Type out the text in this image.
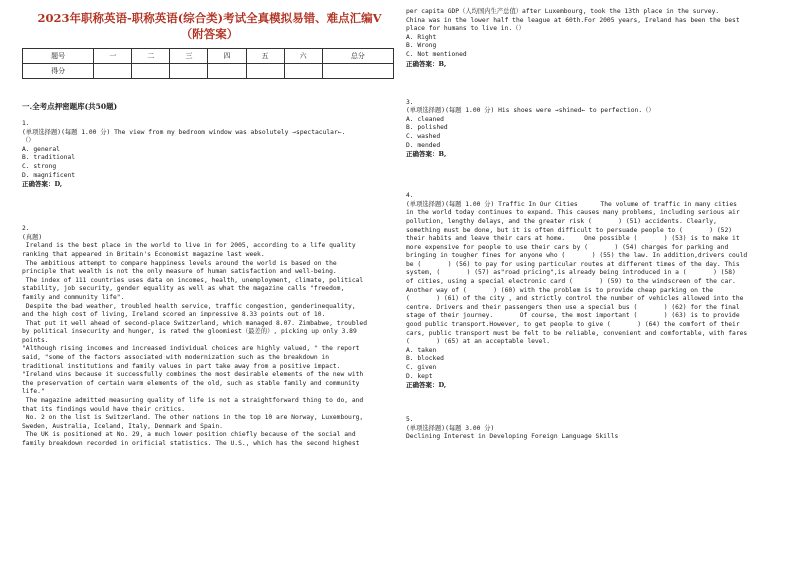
2023年职称英语-职称英语(综合类)考试全真模拟易错、难点汇编V
（附答案）
题号	一	二	三	四	五	六	总分
得分							
一.全考点押密题库(共50题)
1.
(单项选择题)(每题 1.00 分) The view from my bedroom window was absolutely →spectacular←.
（）
A. general
B. traditional
C. strong
D. magnificent
正确答案：D,
2.
(真题)
Ireland is the best place in the world to live in for 2005, according to a life quality
ranking that appeared in Britain's Economist magazine last week.
The ambitious attempt to compare happiness levels around the world is based on the
principle that wealth is not the only measure of human satisfaction and well-being.
The index of 111 countries uses data on incomes, health, unemployment, climate, political
stability, job security, gender equality as well as what the magazine calls "freedom,
family and community life".
Despite the bad weather, troubled health service, traffic congestion, genderinequality,
and the high cost of living, Ireland scored an impressive 8.33 points out of 10.
That put it well ahead of second-place Switzerland, which managed 8.07. Zimbabwe, troubled
by political insecurity and hunger, is rated the gloomiest（最差的）, picking up only 3.89
points.
"Although rising incomes and increased individual choices are highly valued, " the report
said, "some of the factors associated with modernization such as the breakdown in
traditional institutions and family values in part take away from a positive impact.
"Ireland wins because it successfully combines the most desirable elements of the new with
the preservation of certain warm elements of the old, such as stable family and community
life."
The magazine admitted measuring quality of life is not a straightforward thing to do, and
that its findings would have their critics.
No. 2 on the list is Switzerland. The other nations in the top 10 are Norway, Luxembourg,
Sweden, Australia, Iceland, Italy, Denmark and Spain.
The UK is positioned at No. 29, a much lower position chiefly because of the social and
family breakdown recorded in orificial statistics. The U.S., which has the second highest
per capita GDP（人均国内生产总值）after Luxembourg, took the 13th place in the survey.
China was in the lower half the league at 60th.For 2005 years, Ireland has been the best
place for humans to live in.（）
A. Right
B. Wrong
C. Not mentioned
正确答案：B,
3.
(单项选择题)(每题 1.00 分) His shoes were →shined← to perfection.（）
A. cleaned
B. polished
C. washed
D. mended
正确答案：B,
4.
(单项选择题)(每题 1.00 分) Traffic In Our Cities      The volume of traffic in many cities
in the world today continues to expand. This causes many problems, including serious air
pollution, lengthy delays, and the greater risk (       ) (51) accidents. Clearly,
something must be done, but it is often difficult to persuade people to (       ) (52)
their habits and leave their cars at home.     One possible (       ) (53) is to make it
more expensive for people to use their cars by (       ) (54) charges for parking and
bringing in tougher fines for anyone who (       ) (55) the law. In addition,drivers could
be (       ) (56) to pay for using particular routes at different times of the day. This
system, (       ) (57) as"road pricing",is already being introduced in a (       ) (58)
of cities, using a special electronic card (       ) (59) to the windscreen of the car.
Another way of (       ) (60) with the problem is to provide cheap parking on the
(       ) (61) of the city , and strictly control the number of vehicles allowed into the
centre. Drivers and their passengers then use a special bus (       ) (62) for the final
stage of their journey.       Of course, the most important (       ) (63) is to provide
good public transport.However, to get people to give (       ) (64) the comfort of their
cars, public transport must be felt to be reliable, convenient and comfortable, with fares
(       ) (65) at an acceptable level.
A. taken
B. blocked
C. given
D. kept
正确答案：D,
5.
(单项选择题)(每题 3.00 分)
Declining Interest in Developing Foreign Language Skills
